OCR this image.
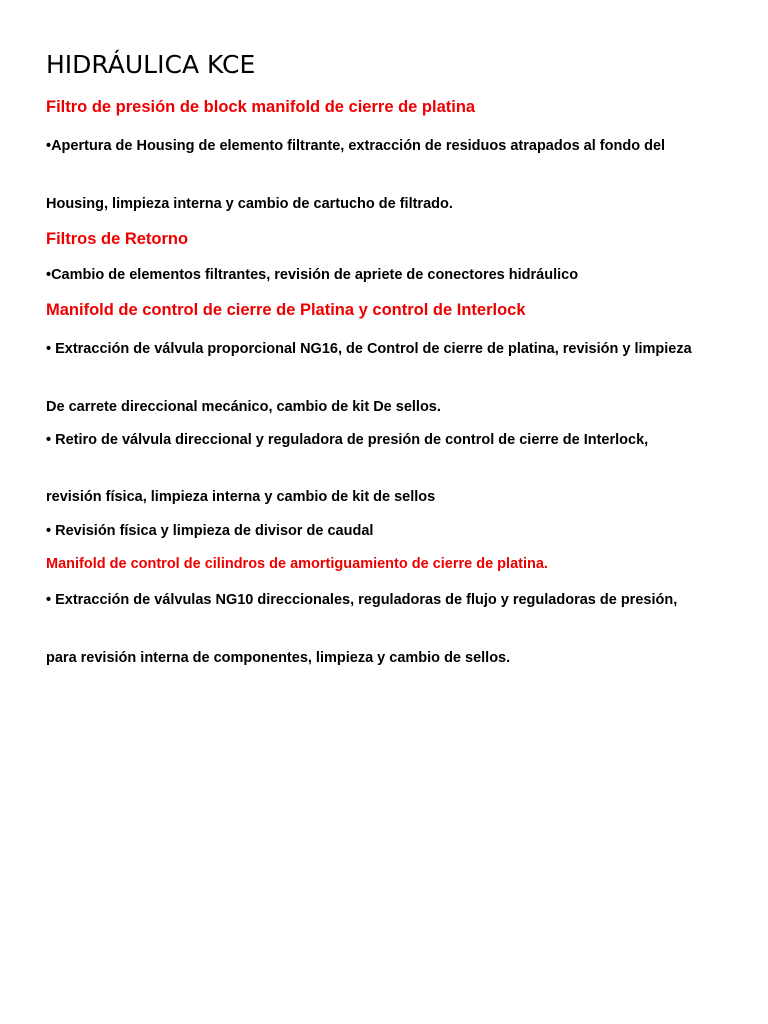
HIDRÁULICA KCE
Filtro de presión de block manifold de cierre de platina
•Apertura de Housing de elemento filtrante, extracción de residuos atrapados al fondo del
Housing, limpieza interna y cambio de cartucho de filtrado.
Filtros de Retorno
•Cambio de elementos filtrantes, revisión de apriete de conectores hidráulico
Manifold de control de cierre de Platina y control de Interlock
• Extracción de válvula proporcional NG16, de Control de cierre de platina, revisión y limpieza
De carrete direccional mecánico, cambio de kit De sellos.
• Retiro de válvula direccional y reguladora de presión de control de cierre de Interlock,
revisión física, limpieza interna y cambio de kit de sellos
• Revisión física y limpieza de divisor de caudal
Manifold de control de cilindros de amortiguamiento de cierre de platina.
• Extracción de válvulas NG10 direccionales, reguladoras de flujo y reguladoras de presión,
para revisión interna de componentes, limpieza y cambio de sellos.
